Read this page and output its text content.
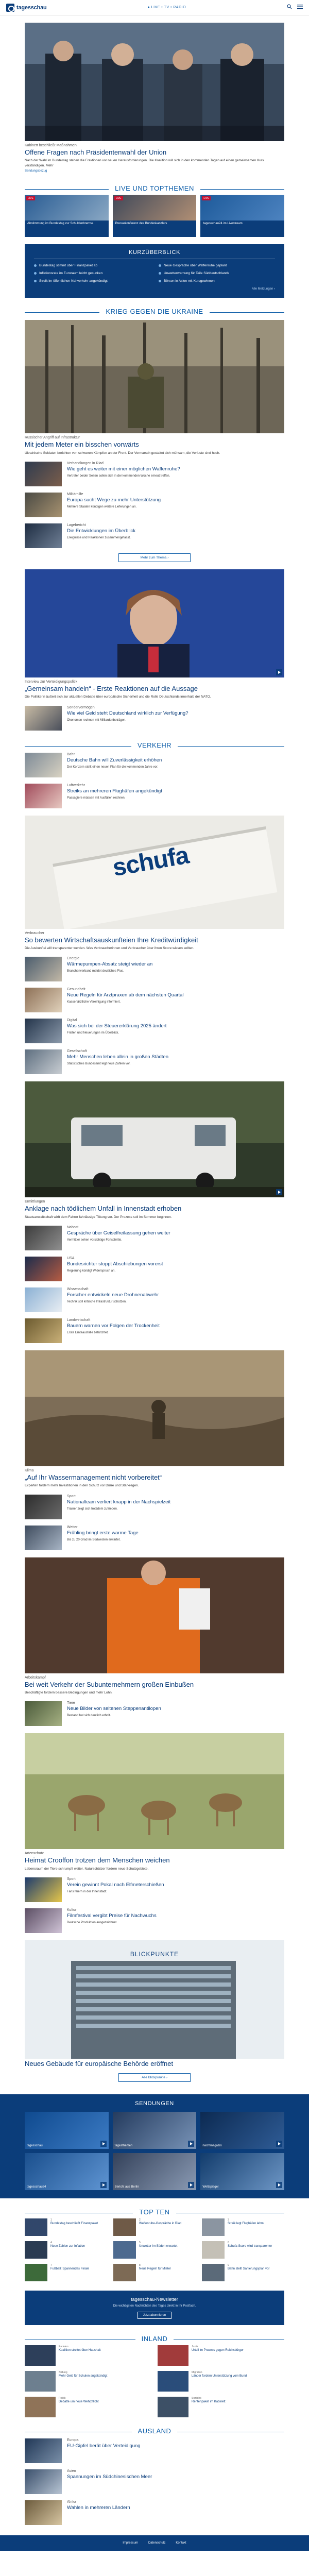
tagesschau	● LIVE • TV • RADIO
Kabinett beschließt Maßnahmen
Offene Fragen nach Präsidentenwahl der Union
Nach der Wahl im Bundestag stehen die Fraktionen vor neuen Herausforderungen. Die Koalition will sich in den kommenden Tagen auf einen gemeinsamen Kurs verständigen. Mehr
Sendungsbezug
LIVE UND TOPTHEMEN
LIVE
Abstimmung im Bundestag zur Schuldenbremse
LIVE
Pressekonferenz des Bundeskanzlers
LIVE
tagesschau24 im Livestream
KURZÜBERBLICK
Bundestag stimmt über Finanzpaket ab	Neue Gespräche über Waffenruhe geplant
Inflationsrate im Euroraum leicht gesunken	Unwetterwarnung für Teile Süddeutschlands
Streik im öffentlichen Nahverkehr angekündigt	Börsen in Asien mit Kursgewinnen
Alle Meldungen ›
KRIEG GEGEN DIE UKRAINE
Russischer Angriff auf Infrastruktur
Mit jedem Meter ein bisschen vorwärts
Ukrainische Soldaten berichten von schweren Kämpfen an der Front. Der Vormarsch gestaltet sich mühsam, die Verluste sind hoch.
Verhandlungen in Riad
Wie geht es weiter mit einer möglichen Waffenruhe?
Vertreter beider Seiten sollen sich in der kommenden Woche erneut treffen.
Militärhilfe
Europa sucht Wege zu mehr Unterstützung
Mehrere Staaten kündigen weitere Lieferungen an.
Lagebericht
Die Entwicklungen im Überblick
Ereignisse und Reaktionen zusammengefasst.
Mehr zum Thema ›
Interview zur Verteidigungspolitik
„Gemeinsam handeln“ - Erste Reaktionen auf die Aussage
Die Politikerin äußert sich zur aktuellen Debatte über europäische Sicherheit und die Rolle Deutschlands innerhalb der NATO.
Sondervermögen
Wie viel Geld steht Deutschland wirklich zur Verfügung?
Ökonomen rechnen mit Milliardenbeträgen.
VERKEHR
Bahn
Deutsche Bahn will Zuverlässigkeit erhöhen
Der Konzern stellt einen neuen Plan für die kommenden Jahre vor.
Luftverkehr
Streiks an mehreren Flughäfen angekündigt
Passagiere müssen mit Ausfällen rechnen.
schufa
Verbraucher
So bewerten Wirtschaftsauskunfteien Ihre Kreditwürdigkeit
Die Auskunftei will transparenter werden. Was Verbraucherinnen und Verbraucher über ihren Score wissen sollten.
Energie
Wärmepumpen-Absatz steigt wieder an
Branchenverband meldet deutliches Plus.
Gesundheit
Neue Regeln für Arztpraxen ab dem nächsten Quartal
Kassenärztliche Vereinigung informiert.
Digital
Was sich bei der Steuererklärung 2025 ändert
Fristen und Neuerungen im Überblick.
Gesellschaft
Mehr Menschen leben allein in großen Städten
Statistisches Bundesamt legt neue Zahlen vor.
Ermittlungen
Anklage nach tödlichem Unfall in Innenstadt erhoben
Staatsanwaltschaft wirft dem Fahrer fahrlässige Tötung vor. Der Prozess soll im Sommer beginnen.
Nahost
Gespräche über Geiselfreilassung gehen weiter
Vermittler sehen vorsichtige Fortschritte.
USA
Bundesrichter stoppt Abschiebungen vorerst
Regierung kündigt Widerspruch an.
Wissenschaft
Forscher entwickeln neue Drohnenabwehr
Technik soll kritische Infrastruktur schützen.
Landwirtschaft
Bauern warnen vor Folgen der Trockenheit
Erste Ernteausfälle befürchtet.
Klima
„Auf Ihr Wassermanagement nicht vorbereitet“
Experten fordern mehr Investitionen in den Schutz vor Dürre und Starkregen.
Sport
Nationalteam verliert knapp in der Nachspielzeit
Trainer zeigt sich trotzdem zufrieden.
Wetter
Frühling bringt erste warme Tage
Bis zu 20 Grad im Südwesten erwartet.
Arbeitskampf
Bei weit Verkehr der Subunternehmern großen Einbußen
Beschäftigte fordern bessere Bedingungen und mehr Lohn.
Tiere
Neue Bilder von seltenen Steppenantilopen
Bestand hat sich deutlich erholt.
Artenschutz
Heimat Crooffon trotzen dem Menschen weichen
Lebensraum der Tiere schrumpft weiter. Naturschützer fordern neue Schutzgebiete.
Sport
Verein gewinnt Pokal nach Elfmeterschießen
Fans feiern in der Innenstadt.
Kultur
Filmfestival vergibt Preise für Nachwuchs
Deutsche Produktion ausgezeichnet.
BLICKPUNKTE
Neues Gebäude für europäische Behörde eröffnet
Alle Blickpunkte ›
SENDUNGEN
tagesschau	tagesthemen	nachtmagazin
tagesschau24	Bericht aus Berlin	Weltspiegel
TOP TEN
1
Bundestag beschließt Finanzpaket
2
Waffenruhe-Gespräche in Riad
3
Streik legt Flughäfen lahm
4
Neue Zahlen zur Inflation
5
Unwetter im Süden erwartet
6
Schufa-Score wird transparenter
7
Fußball: Spannendes Finale
8
Neue Regeln für Mieter
9
Bahn stellt Sanierungsplan vor
tagesschau-Newsletter
Die wichtigsten Nachrichten des Tages direkt in Ihr Postfach.
Jetzt abonnieren
INLAND
Parteien
Koalition streitet über Haushalt
Justiz
Urteil im Prozess gegen Reichsbürger
Bildung
Mehr Geld für Schulen angekündigt
Migration
Länder fordern Unterstützung vom Bund
Politik
Debatte um neue Wehrpflicht
Soziales
Rentenpaket im Kabinett
AUSLAND
Europa
EU-Gipfel berät über Verteidigung
Asien
Spannungen im Südchinesischen Meer
Afrika
Wahlen in mehreren Ländern
Impressum	Datenschutz	Kontakt
